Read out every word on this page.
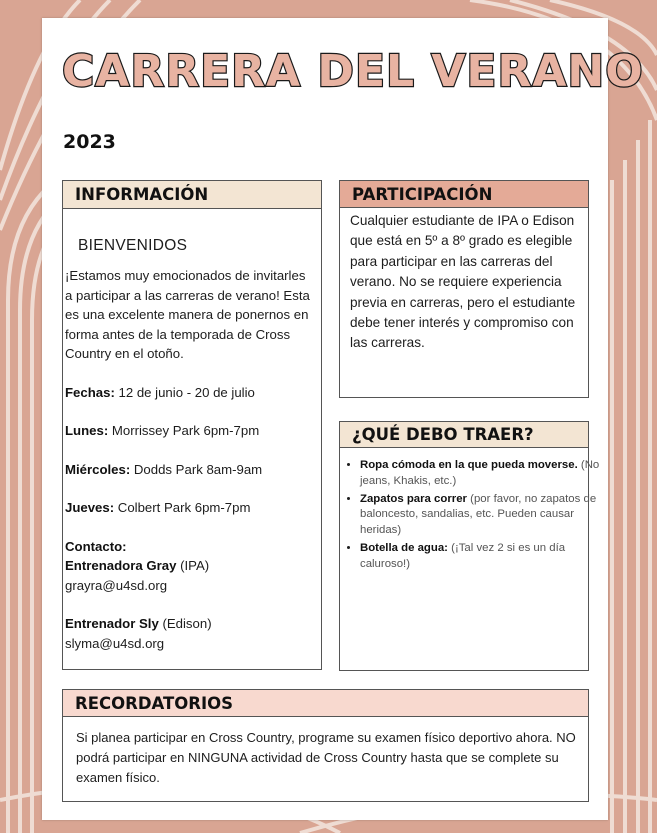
CARRERA DEL VERANO
2023
INFORMACIÓN
BIENVENIDOS

¡Estamos muy emocionados de invitarles a participar a las carreras de verano! Esta es una excelente manera de ponernos en forma antes de la temporada de Cross Country en el otoño.

Fechas: 12 de junio - 20 de julio

Lunes: Morrissey Park 6pm-7pm

Miércoles: Dodds Park 8am-9am

Jueves: Colbert Park 6pm-7pm

Contacto:

Entrenadora Gray (IPA)

grayra@u4sd.org

Entrenador Sly (Edison)

slyma@u4sd.org

PARTICIPACIÓN
Cualquier estudiante de IPA o Edison que está en 5º a 8º grado es elegible para participar en las carreras del verano. No se requiere experiencia previa en carreras, pero el estudiante debe tener interés y compromiso con las carreras.
¿QUÉ DEBO TRAER?
• Ropa cómoda en la que pueda moverse. (No jeans, Khakis, etc.)
• Zapatos para correr (por favor, no zapatos de baloncesto, sandalias, etc. Pueden causar heridas)
• Botella de agua: (¡Tal vez 2 si es un día caluroso!)
RECORDATORIOS
Si planea participar en Cross Country, programe su examen físico deportivo ahora. NO podrá participar en NINGUNA actividad de Cross Country hasta que se complete su examen físico.
